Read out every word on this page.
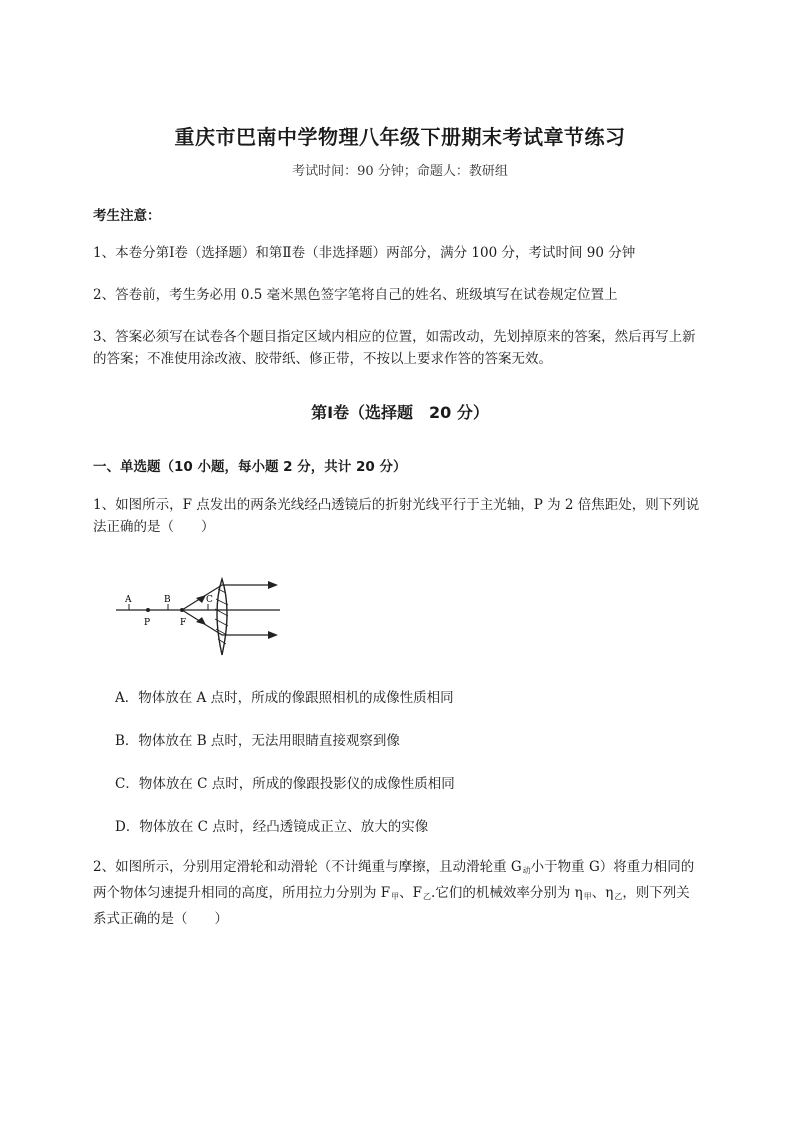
重庆市巴南中学物理八年级下册期末考试章节练习
考试时间：90 分钟；命题人：教研组
考生注意：
1、本卷分第Ⅰ卷（选择题）和第Ⅱ卷（非选择题）两部分，满分 100 分，考试时间 90 分钟
2、答卷前，考生务必用 0.5 毫米黑色签字笔将自己的姓名、班级填写在试卷规定位置上
3、答案必须写在试卷各个题目指定区域内相应的位置，如需改动，先划掉原来的答案，然后再写上新的答案；不准使用涂改液、胶带纸、修正带，不按以上要求作答的答案无效。
第Ⅰ卷（选择题　20 分）
一、单选题（10 小题，每小题 2 分，共计 20 分）
1、如图所示，F 点发出的两条光线经凸透镜后的折射光线平行于主光轴，P 为 2 倍焦距处，则下列说法正确的是（　　）
A	B	C
P	F
A．物体放在 A 点时，所成的像跟照相机的成像性质相同
B．物体放在 B 点时，无法用眼睛直接观察到像
C．物体放在 C 点时，所成的像跟投影仪的成像性质相同
D．物体放在 C 点时，经凸透镜成正立、放大的实像
2、如图所示，分别用定滑轮和动滑轮（不计绳重与摩擦，且动滑轮重 $G_动$小于物重 G）将重力相同的
两个物体匀速提升相同的高度，所用拉力分别为 $F_甲$、$F_乙$.它们的机械效率分别为 $\eta_甲$、$\eta_乙$，则下列关
系式正确的是（　　）
